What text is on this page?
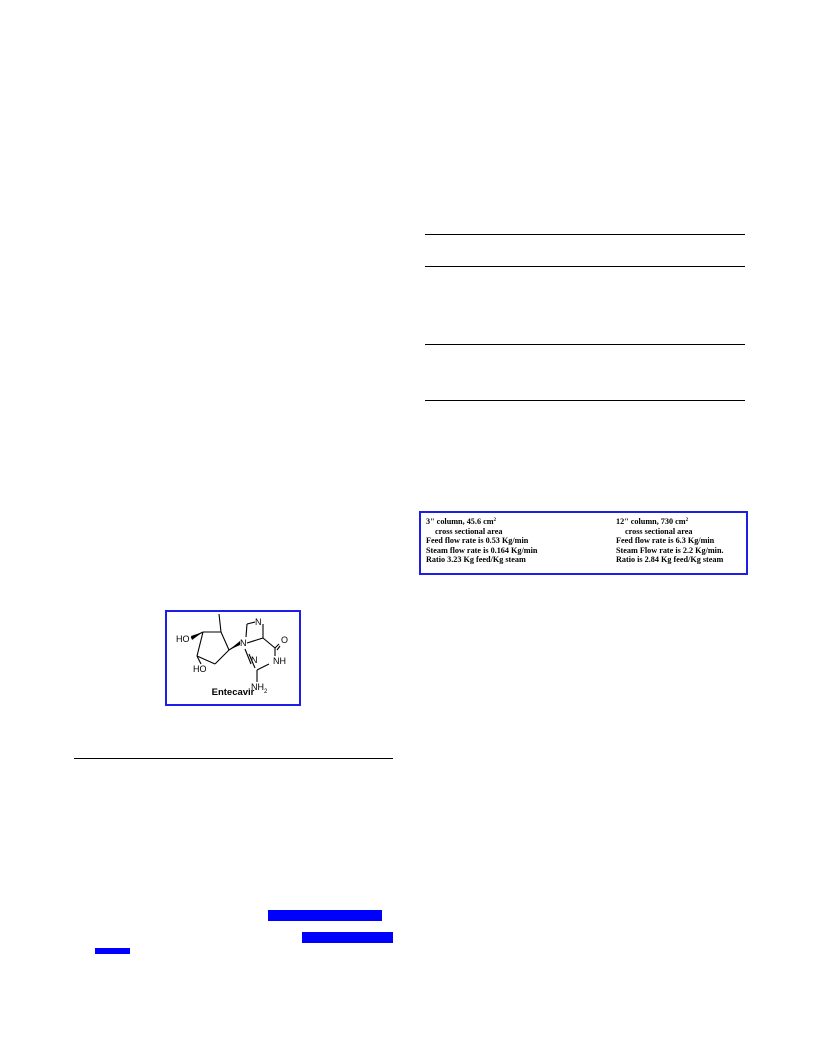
3" column, 45.6 $cm^2$
cross sectional area
Feed flow rate is 0.53 Kg/min
Steam flow rate is 0.164 Kg/min
Ratio 3.23 Kg feed/Kg steam
12" column, 730 $cm^2$
cross sectional area
Feed flow rate is 6.3 Kg/min
Steam Flow rate is 2.2 Kg/min.
Ratio is 2.84 Kg feed/Kg steam
HO
HO
N
N
N
O
NH
$NH_2$
Entecavir
